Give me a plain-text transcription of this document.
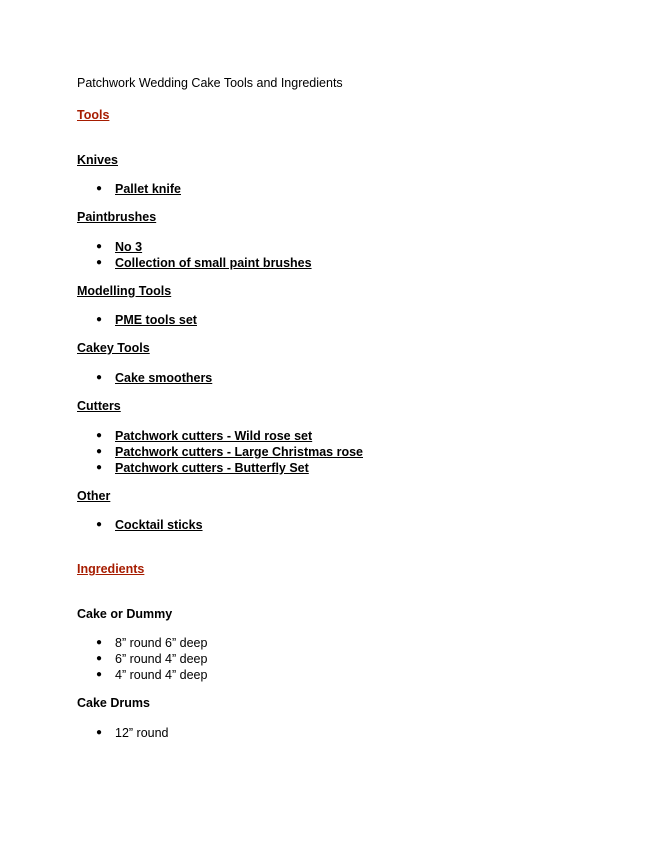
Patchwork Wedding Cake Tools and Ingredients
Tools
Knives
● Pallet knife
Paintbrushes
● No 3
● Collection of small paint brushes
Modelling Tools
● PME tools set
Cakey Tools
● Cake smoothers
Cutters
● Patchwork cutters - Wild rose set
● Patchwork cutters - Large Christmas rose
● Patchwork cutters - Butterfly Set
Other
● Cocktail sticks
Ingredients
Cake or Dummy
● 8” round 6” deep
● 6” round 4” deep
● 4” round 4” deep
Cake Drums
● 12” round
